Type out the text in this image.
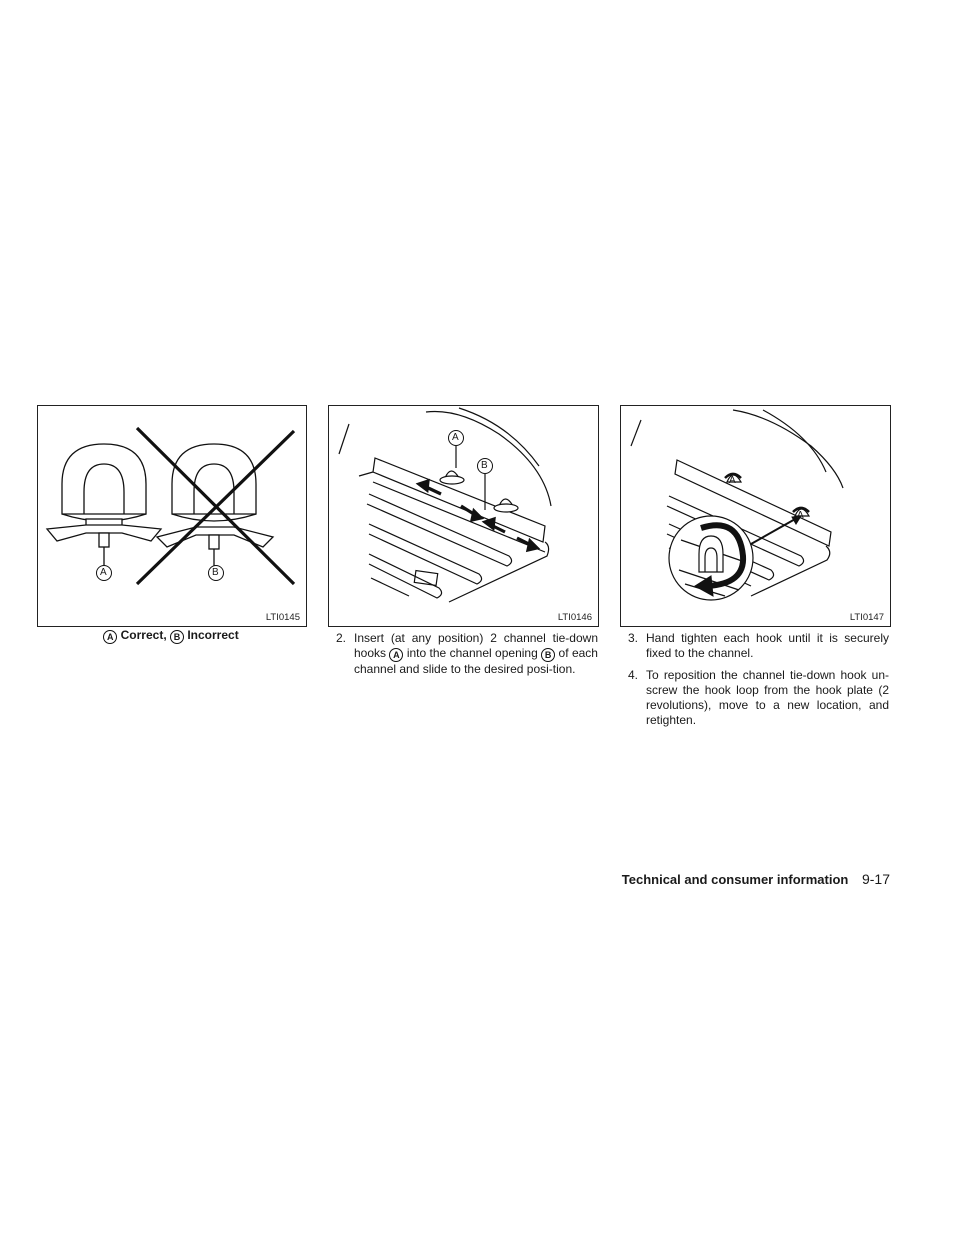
A	B
LTI0145
A Correct, B Incorrect
A
B
LTI0146
A
A
LTI0147
2. Insert (at any position) 2 channel tie-down hooks A into the channel opening B of each channel and slide to the desired posi-tion.
3. Hand tighten each hook until it is securely fixed to the channel.
4. To reposition the channel tie-down hook un-screw the hook loop from the hook plate (2 revolutions), move to a new location, and retighten.
Technical and consumer information 9-17
